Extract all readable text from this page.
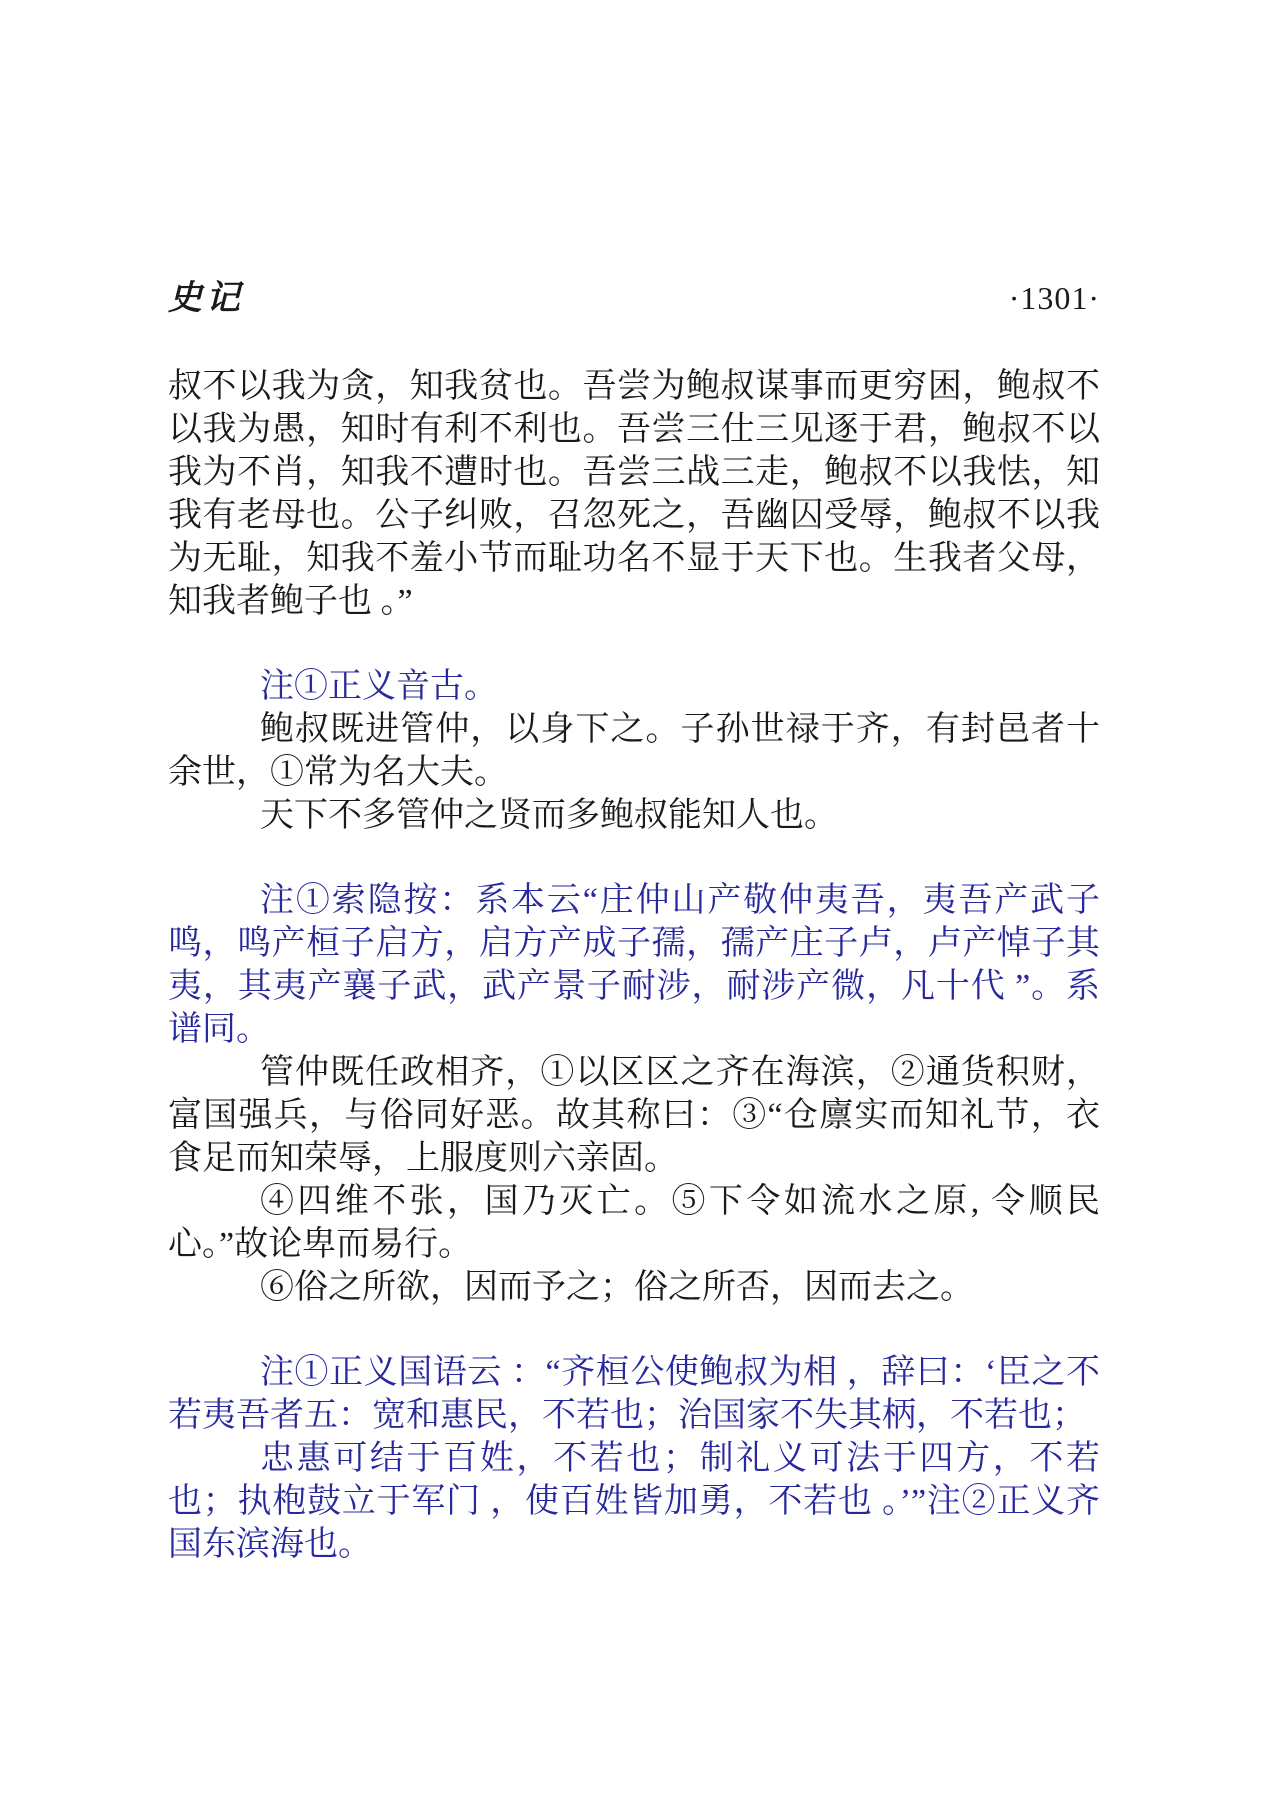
史记	·1301·

叔不以我为贪，知我贫也。吾尝为鲍叔谋事而更穷困，鲍叔不以我为愚，知时有利不利也。吾尝三仕三见逐于君，鲍叔不以我为不肖，知我不遭时也。吾尝三战三走，鲍叔不以我怯，知我有老母也。公子纠败，召忽死之，吾幽囚受辱，鲍叔不以我为无耻，知我不羞小节而耻功名不显于天下也。生我者父母，知我者鲍子也 。”

注①正义音古。

鲍叔既进管仲，以身下之。子孙世禄于齐，有封邑者十余世，①常为名大夫。

天下不多管仲之贤而多鲍叔能知人也。

注①索隐按：系本云“庄仲山产敬仲夷吾，夷吾产武子鸣，鸣产桓子启方，启方产成子孺，孺产庄子卢，卢产悼子其夷，其夷产襄子武，武产景子耐涉，耐涉产微，凡十代 ”。系谱同。

管仲既任政相齐，①以区区之齐在海滨，②通货积财，富国强兵，与俗同好恶。故其称曰：③“仓廪实而知礼节，衣食足而知荣辱，上服度则六亲固。

④四维不张，国乃灭亡。⑤下令如流水之原, 令顺民心。”故论卑而易行。

⑥俗之所欲，因而予之；俗之所否，因而去之。

注①正义国语云 ：“齐桓公使鲍叔为相 ，辞曰：‘臣之不若夷吾者五：宽和惠民，不若也；治国家不失其柄，不若也；

忠惠可结于百姓，不若也；制礼义可法于四方，不若也；执枹鼓立于军门 ，使百姓皆加勇，不若也 。’”注②正义齐国东滨海也。
